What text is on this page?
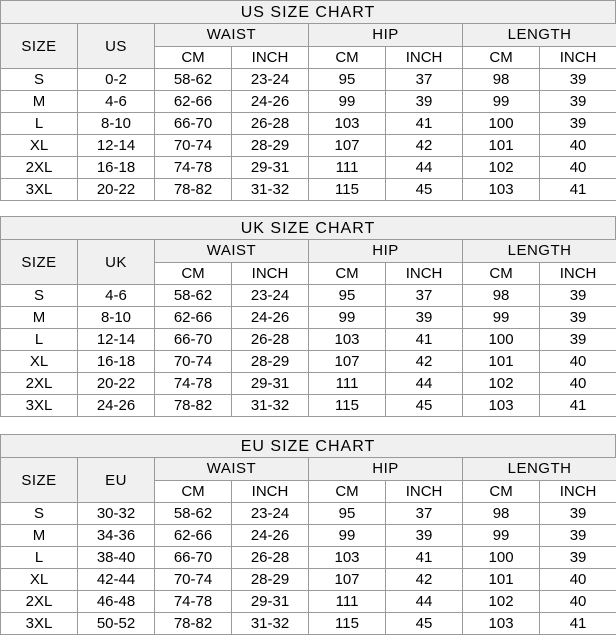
US SIZE CHART
SIZE	US	WAIST		HIP		LENGTH	
		CM	INCH	CM	INCH	CM	INCH
S	0-2	58-62	23-24	95	37	98	39
M	4-6	62-66	24-26	99	39	99	39
L	8-10	66-70	26-28	103	41	100	39
XL	12-14	70-74	28-29	107	42	101	40
2XL	16-18	74-78	29-31	111	44	102	40
3XL	20-22	78-82	31-32	115	45	103	41
UK SIZE CHART
SIZE	UK	WAIST		HIP		LENGTH	
		CM	INCH	CM	INCH	CM	INCH
S	4-6	58-62	23-24	95	37	98	39
M	8-10	62-66	24-26	99	39	99	39
L	12-14	66-70	26-28	103	41	100	39
XL	16-18	70-74	28-29	107	42	101	40
2XL	20-22	74-78	29-31	111	44	102	40
3XL	24-26	78-82	31-32	115	45	103	41
EU SIZE CHART
SIZE	EU	WAIST		HIP		LENGTH	
		CM	INCH	CM	INCH	CM	INCH
S	30-32	58-62	23-24	95	37	98	39
M	34-36	62-66	24-26	99	39	99	39
L	38-40	66-70	26-28	103	41	100	39
XL	42-44	70-74	28-29	107	42	101	40
2XL	46-48	74-78	29-31	111	44	102	40
3XL	50-52	78-82	31-32	115	45	103	41
